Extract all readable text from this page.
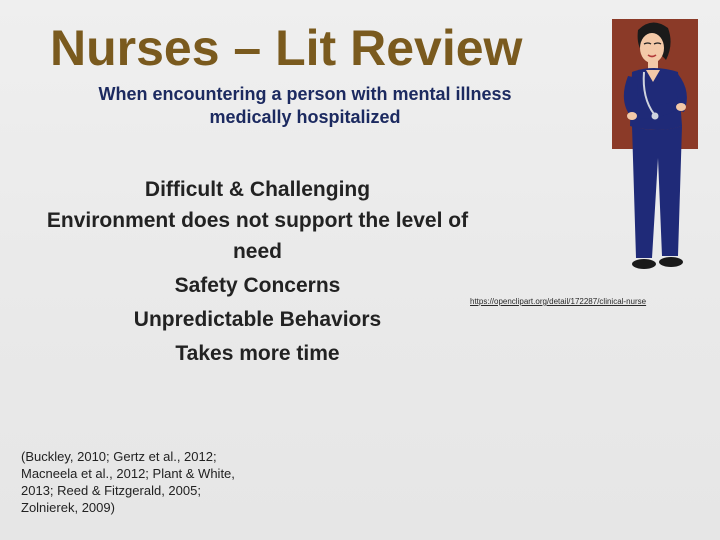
Nurses – Lit Review
When encountering a person with mental illness medically hospitalized
Difficult & Challenging
Environment does not support the level of need
Safety Concerns
Unpredictable Behaviors
Takes more time
(Buckley, 2010; Gertz et al., 2012; Macneela et al., 2012; Plant & White, 2013; Reed & Fitzgerald, 2005; Zolnierek, 2009)
https://openclipart.org/detail/172287/clinical-nurse
